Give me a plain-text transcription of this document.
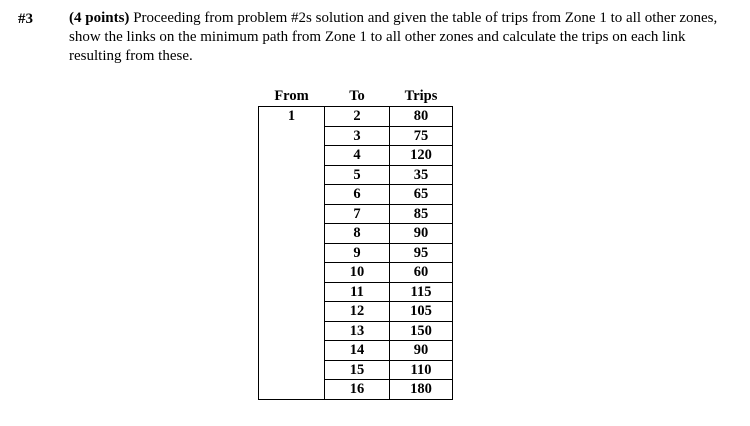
#3 (4 points) Proceeding from problem #2s solution and given the table of trips from Zone 1 to all other zones, show the links on the minimum path from Zone 1 to all other zones and calculate the trips on each link resulting from these.
From	To	Trips
1	2	80
	3	75
	4	120
	5	35
	6	65
	7	85
	8	90
	9	95
	10	60
	11	115
	12	105
	13	150
	14	90
	15	110
	16	180
